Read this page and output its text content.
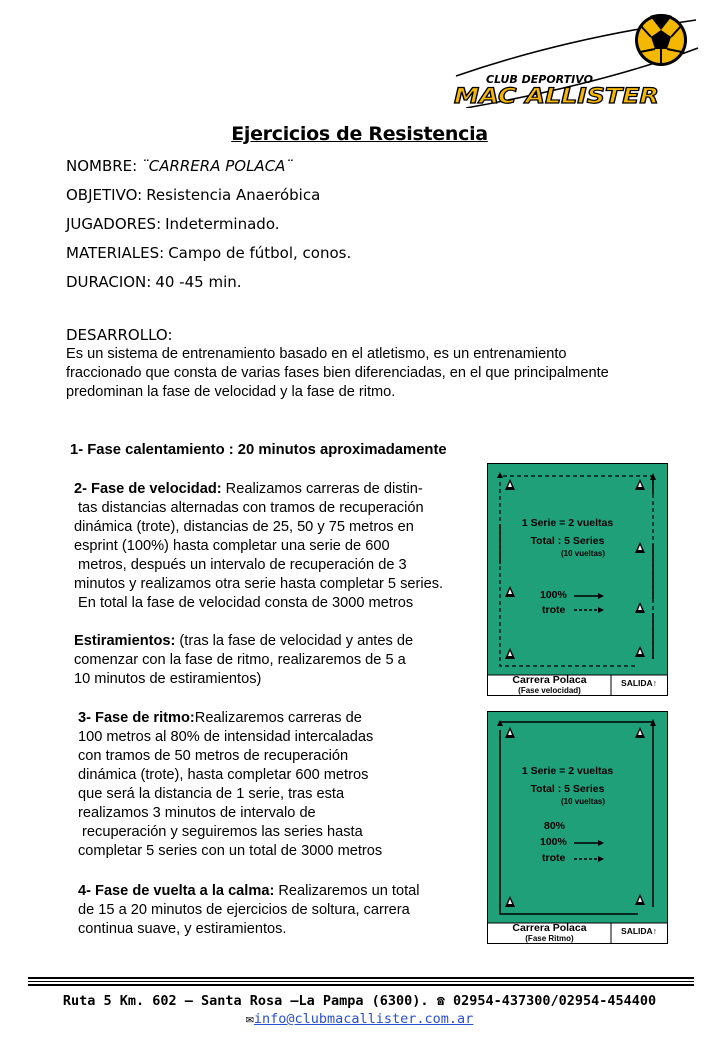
CLUB DEPORTIVO
MAC ALLISTER
Ejercicios de Resistencia
NOMBRE: ¨CARRERA POLACA¨
OBJETIVO: Resistencia Anaeróbica
JUGADORES: Indeterminado.
MATERIALES: Campo de fútbol, conos.
DURACION: 40 -45 min.
DESARROLLO:
Es un sistema de entrenamiento basado en el atletismo, es un entrenamiento
fraccionado que consta de varias fases bien diferenciadas, en el que principalmente
predominan la fase de velocidad y la fase de ritmo.
1- Fase calentamiento : 20 minutos aproximadamente
2- Fase de velocidad: Realizamos carreras de distin-
tas distancias alternadas con tramos de recuperación
dinámica (trote), distancias de 25, 50 y 75 metros en
esprint (100%) hasta completar una serie de 600
metros, después un intervalo de recuperación de 3
minutos y realizamos otra serie hasta completar 5 series.
En total la fase de velocidad consta de 3000 metros
Estiramientos: (tras la fase de velocidad y antes de
comenzar con la fase de ritmo, realizaremos de 5 a
10 minutos de estiramientos)
3- Fase de ritmo:Realizaremos carreras de
100 metros al 80% de intensidad intercaladas
con tramos de 50 metros de recuperación
dinámica (trote), hasta completar 600 metros
que será la distancia de 1 serie, tras esta
realizamos 3 minutos de intervalo de
recuperación y seguiremos las series hasta
completar 5 series con un total de 3000 metros
4- Fase de vuelta a la calma: Realizaremos un total
de 15 a 20 minutos de ejercicios de soltura, carrera
continua suave, y estiramientos.
1 Serie = 2 vueltas
Total : 5 Series
(10 vueltas)
100%
trote
Carrera Polaca
(Fase velocidad)
SALIDA↑
1 Serie = 2 vueltas
Total : 5 Series
(10 vueltas)
80%
100%
trote
Carrera Polaca
(Fase Ritmo)
SALIDA↑
Ruta 5 Km. 602 – Santa Rosa –La Pampa (6300). ☎ 02954-437300/02954-454400
✉info@clubmacallister.com.ar
